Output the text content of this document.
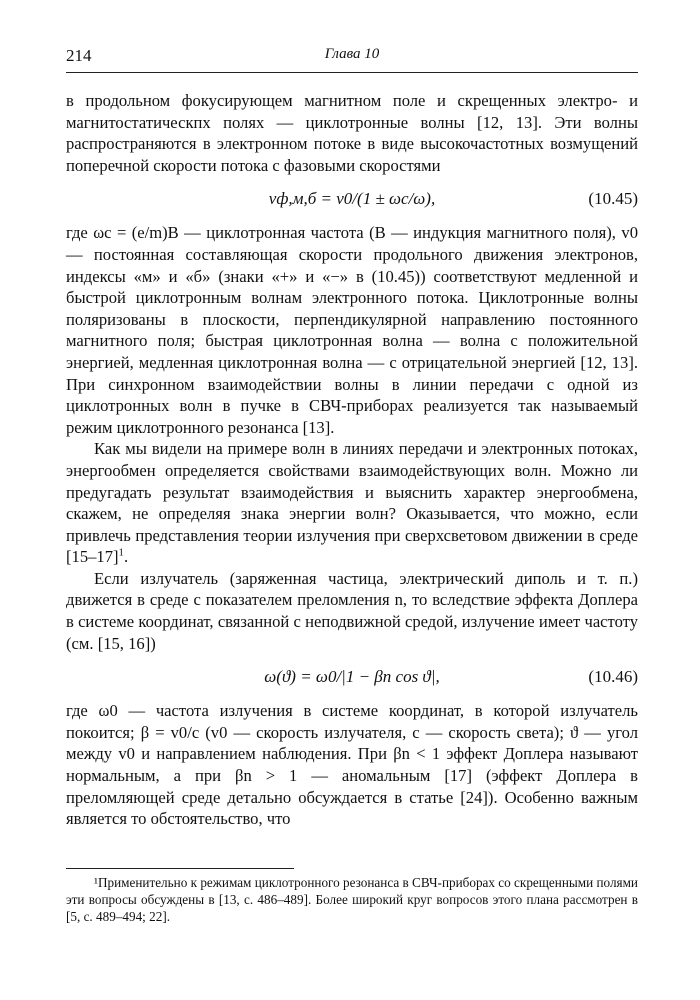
214	Глава 10

в продольном фокусирующем магнитном поле и скрещенных электро- и магнитостатическпх полях — циклотронные волны [12, 13]. Эти волны распространяются в электронном потоке в виде высокочастотных возмущений поперечной скорости потока с фазовыми скоростями

vф,м,б = v0/(1 ± ωc/ω),	(10.45)

где ωc = (e/m)B — циклотронная частота (B — индукция магнитного поля), v0 — постоянная составляющая скорости продольного движения электронов, индексы «м» и «б» (знаки «+» и «−» в (10.45)) соответствуют медленной и быстрой циклотронным волнам электронного потока. Циклотронные волны поляризованы в плоскости, перпендикулярной направлению постоянного магнитного поля; быстрая циклотронная волна — волна с положительной энергией, медленная циклотронная волна — с отрицательной энергией [12, 13]. При синхронном взаимодействии волны в линии передачи с одной из циклотронных волн в пучке в СВЧ-приборах реализуется так называемый режим циклотронного резонанса [13].

Как мы видели на примере волн в линиях передачи и электронных потоках, энергообмен определяется свойствами взаимодействующих волн. Можно ли предугадать результат взаимодействия и выяснить характер энергообмена, скажем, не определяя знака энергии волн? Оказывается, что можно, если привлечь представления теории излучения при сверхсветовом движении в среде $[15-17]^1$.

Если излучатель (заряженная частица, электрический диполь и т. п.) движется в среде с показателем преломления n, то вследствие эффекта Доплера в системе координат, связанной с неподвижной средой, излучение имеет частоту (см. [15, 16])

ω(ϑ) = ω0/|1 − βn cos ϑ|,	(10.46)

где ω0 — частота излучения в системе координат, в которой излучатель покоится; β = v0/c (v0 — скорость излучателя, c — скорость света); ϑ — угол между v0 и направлением наблюдения. При βn < 1 эффект Доплера называют нормальным, а при βn > 1 — аномальным [17] (эффект Доплера в преломляющей среде детально обсуждается в статье [24]). Особенно важным является то обстоятельство, что

¹Применительно к режимам циклотронного резонанса в СВЧ-приборах со скрещенными полями эти вопросы обсуждены в [13, с. 486–489]. Более широкий круг вопросов этого плана рассмотрен в [5, с. 489–494; 22].
